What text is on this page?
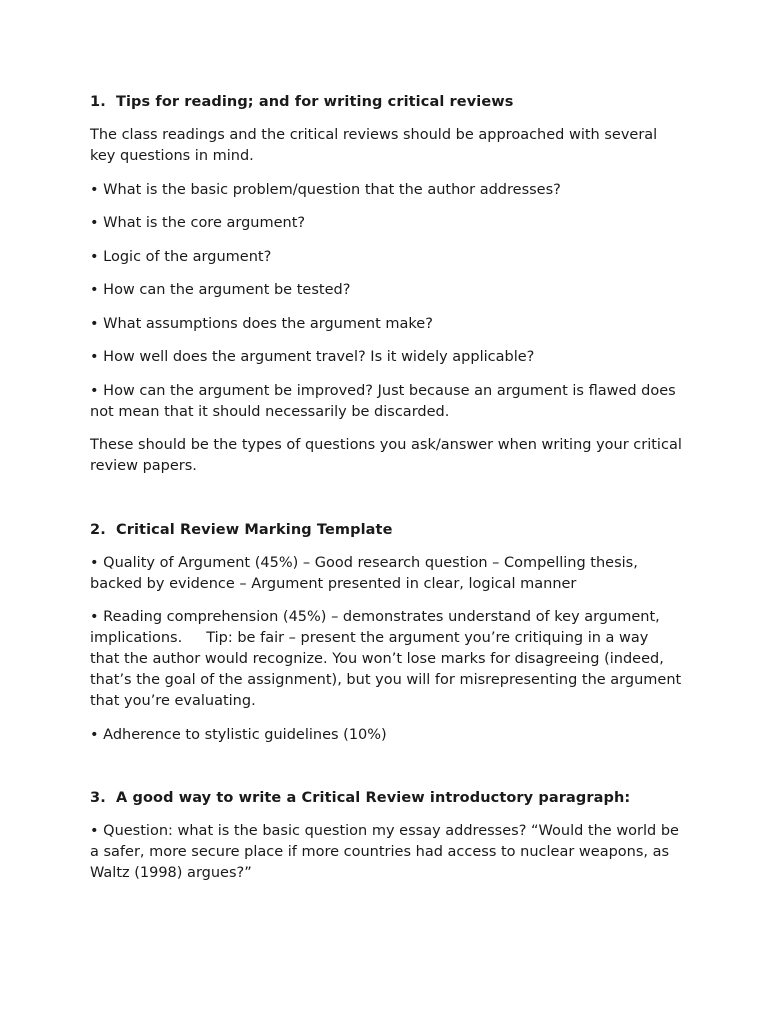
1. Tips for reading; and for writing critical reviews

The class readings and the critical reviews should be approached with several key questions in mind.

• What is the basic problem/question that the author addresses?

• What is the core argument?

• Logic of the argument?

• How can the argument be tested?

• What assumptions does the argument make?

• How well does the argument travel? Is it widely applicable?

• How can the argument be improved? Just because an argument is flawed does not mean that it should necessarily be discarded.

These should be the types of questions you ask/answer when writing your critical review papers.

2. Critical Review Marking Template

• Quality of Argument (45%) – Good research question – Compelling thesis, backed by evidence – Argument presented in clear, logical manner

• Reading comprehension (45%) – demonstrates understand of key argument, implications. Tip: be fair – present the argument you’re critiquing in a way that the author would recognize. You won’t lose marks for disagreeing (indeed, that’s the goal of the assignment), but you will for misrepresenting the argument that you’re evaluating.

• Adherence to stylistic guidelines (10%)

3. A good way to write a Critical Review introductory paragraph:

• Question: what is the basic question my essay addresses? “Would the world be a safer, more secure place if more countries had access to nuclear weapons, as Waltz (1998) argues?”
